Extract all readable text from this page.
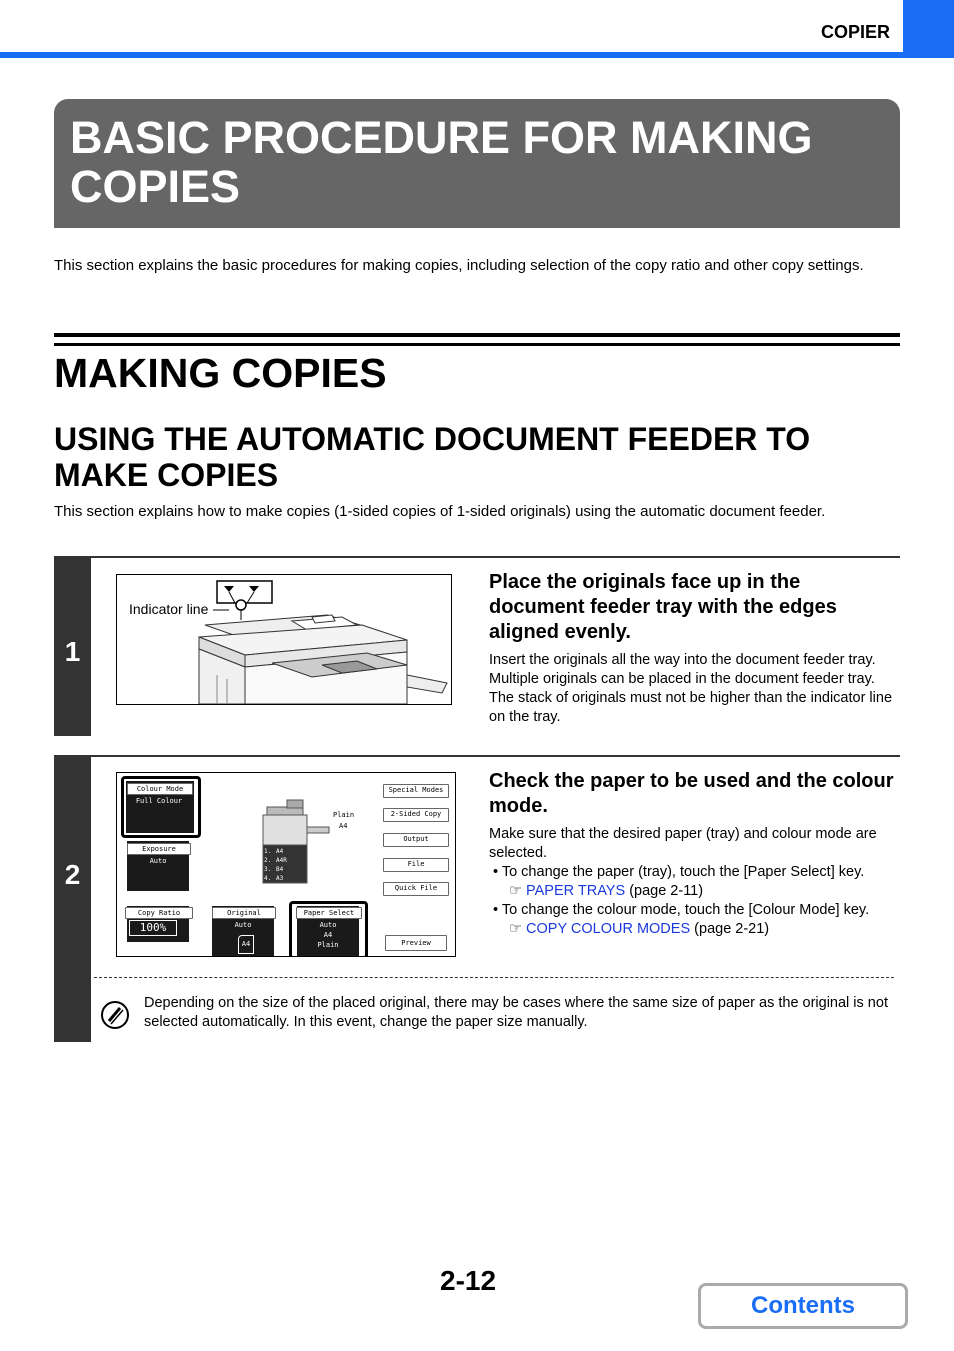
COPIER
BASIC PROCEDURE FOR MAKING COPIES
This section explains the basic procedures for making copies, including selection of the copy ratio and other copy settings.
MAKING COPIES
USING THE AUTOMATIC DOCUMENT FEEDER TO MAKE COPIES
This section explains how to make copies (1-sided copies of 1-sided originals) using the automatic document feeder.
1
Indicator line
Place the originals face up in the document feeder tray with the edges aligned evenly.
Insert the originals all the way into the document feeder tray. Multiple originals can be placed in the document feeder tray. The stack of originals must not be higher than the indicator line on the tray.
2
Colour Mode
Full Colour
Exposure
Auto
Copy Ratio
100%
Original
Auto
A4
Paper Select
Auto
A4
Plain
Plain
A4
1. A4
2. A4R
3. B4
4. A3
Special Modes
2-Sided Copy
Output
File
Quick File
Preview
Check the paper to be used and the colour mode.
Make sure that the desired paper (tray) and colour mode are selected.
• To change the paper (tray), touch the [Paper Select] key.
☞ PAPER TRAYS (page 2-11)
• To change the colour mode, touch the [Colour Mode] key.
☞ COPY COLOUR MODES (page 2-21)
Depending on the size of the placed original, there may be cases where the same size of paper as the original is not selected automatically. In this event, change the paper size manually.
2-12
Contents
